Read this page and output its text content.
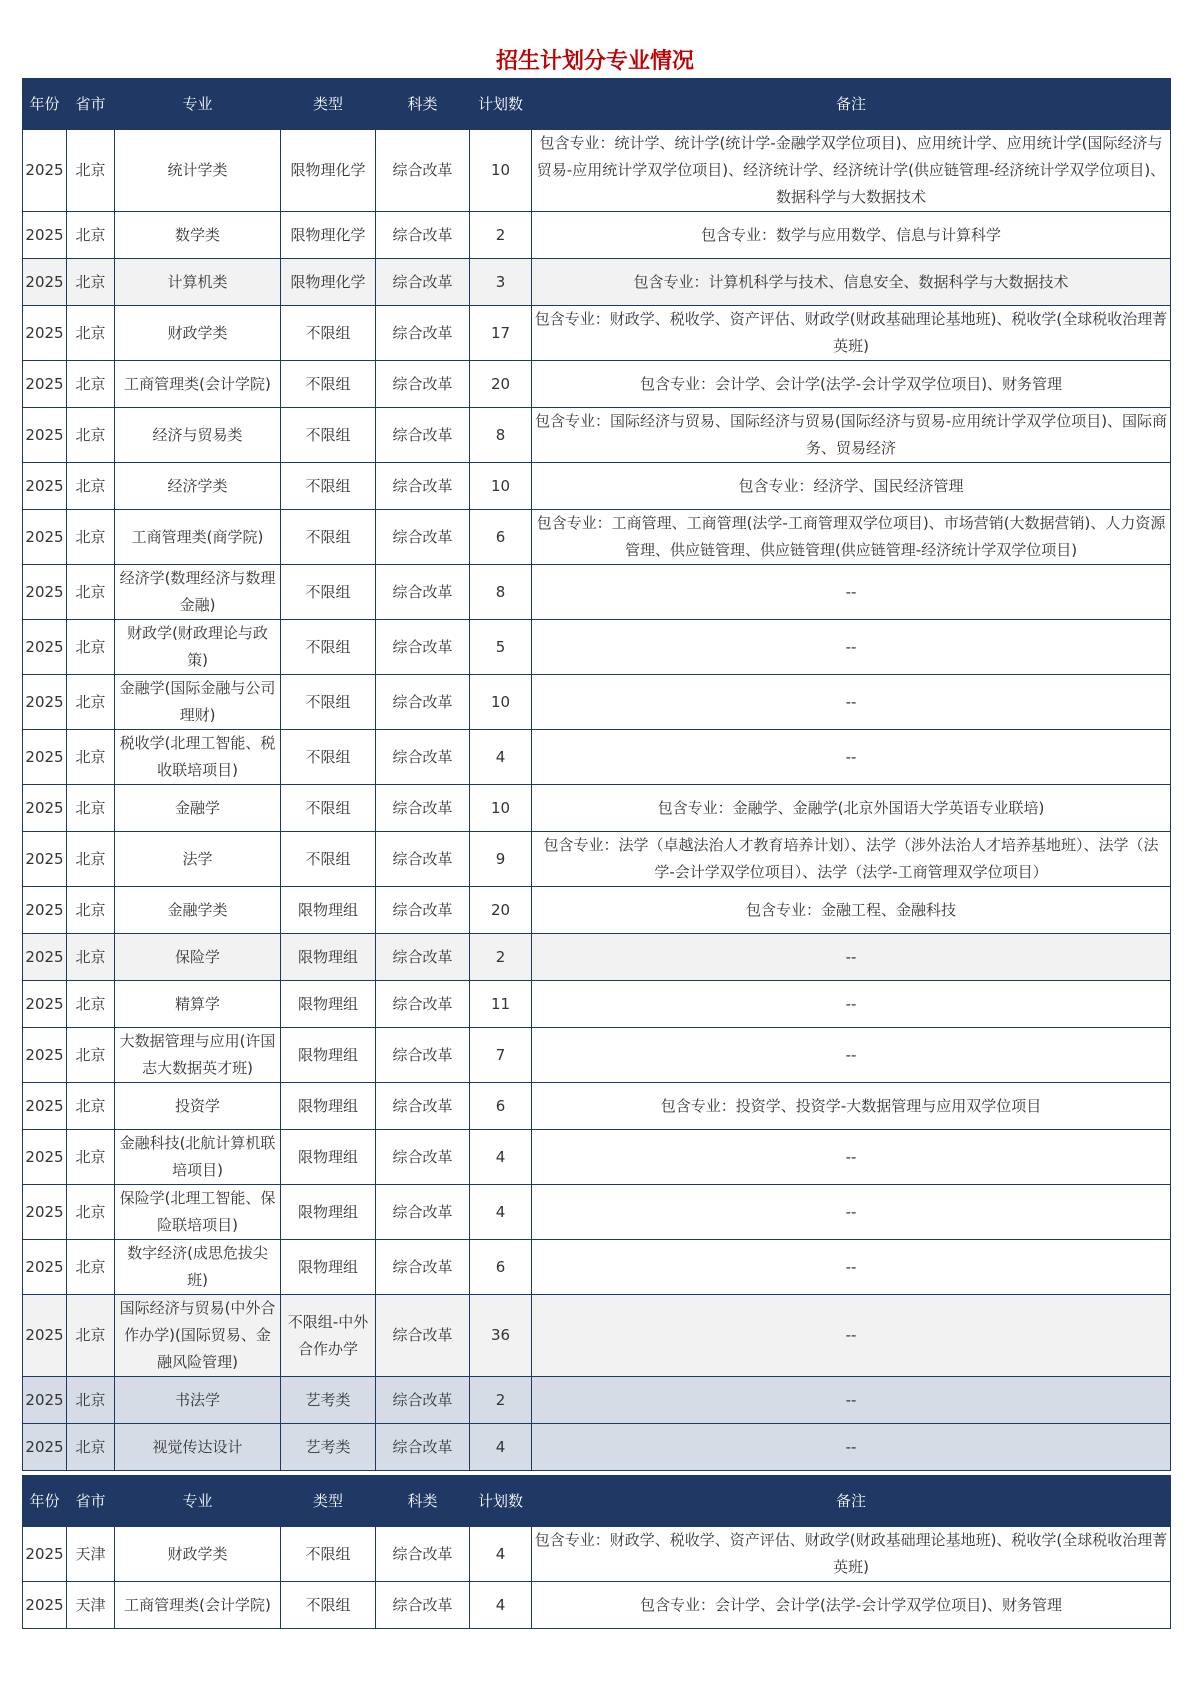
招生计划分专业情况
年份	省市	专业	类型	科类	计划数	备注
2025	北京	统计学类	限物理化学	综合改革	10	包含专业：统计学、统计学(统计学-金融学双学位项目)、应用统计学、应用统计学(国际经济与贸易-应用统计学双学位项目)、经济统计学、经济统计学(供应链管理-经济统计学双学位项目)、数据科学与大数据技术
2025	北京	数学类	限物理化学	综合改革	2	包含专业：数学与应用数学、信息与计算科学
2025	北京	计算机类	限物理化学	综合改革	3	包含专业：计算机科学与技术、信息安全、数据科学与大数据技术
2025	北京	财政学类	不限组	综合改革	17	包含专业：财政学、税收学、资产评估、财政学(财政基础理论基地班)、税收学(全球税收治理菁英班)
2025	北京	工商管理类(会计学院)	不限组	综合改革	20	包含专业：会计学、会计学(法学-会计学双学位项目)、财务管理
2025	北京	经济与贸易类	不限组	综合改革	8	包含专业：国际经济与贸易、国际经济与贸易(国际经济与贸易-应用统计学双学位项目)、国际商务、贸易经济
2025	北京	经济学类	不限组	综合改革	10	包含专业：经济学、国民经济管理
2025	北京	工商管理类(商学院)	不限组	综合改革	6	包含专业：工商管理、工商管理(法学-工商管理双学位项目)、市场营销(大数据营销)、人力资源管理、供应链管理、供应链管理(供应链管理-经济统计学双学位项目)
2025	北京	经济学(数理经济与数理金融)	不限组	综合改革	8	--
2025	北京	财政学(财政理论与政策)	不限组	综合改革	5	--
2025	北京	金融学(国际金融与公司理财)	不限组	综合改革	10	--
2025	北京	税收学(北理工智能、税收联培项目)	不限组	综合改革	4	--
2025	北京	金融学	不限组	综合改革	10	包含专业：金融学、金融学(北京外国语大学英语专业联培)
2025	北京	法学	不限组	综合改革	9	包含专业：法学（卓越法治人才教育培养计划）、法学（涉外法治人才培养基地班）、法学（法学-会计学双学位项目）、法学（法学-工商管理双学位项目）
2025	北京	金融学类	限物理组	综合改革	20	包含专业：金融工程、金融科技
2025	北京	保险学	限物理组	综合改革	2	--
2025	北京	精算学	限物理组	综合改革	11	--
2025	北京	大数据管理与应用(许国志大数据英才班)	限物理组	综合改革	7	--
2025	北京	投资学	限物理组	综合改革	6	包含专业：投资学、投资学-大数据管理与应用双学位项目
2025	北京	金融科技(北航计算机联培项目)	限物理组	综合改革	4	--
2025	北京	保险学(北理工智能、保险联培项目)	限物理组	综合改革	4	--
2025	北京	数字经济(成思危拔尖班)	限物理组	综合改革	6	--
2025	北京	国际经济与贸易(中外合作办学)(国际贸易、金融风险管理)	不限组-中外合作办学	综合改革	36	--
2025	北京	书法学	艺考类	综合改革	2	--
2025	北京	视觉传达设计	艺考类	综合改革	4	--

年份	省市	专业	类型	科类	计划数	备注
2025	天津	财政学类	不限组	综合改革	4	包含专业：财政学、税收学、资产评估、财政学(财政基础理论基地班)、税收学(全球税收治理菁英班)
2025	天津	工商管理类(会计学院)	不限组	综合改革	4	包含专业：会计学、会计学(法学-会计学双学位项目)、财务管理
